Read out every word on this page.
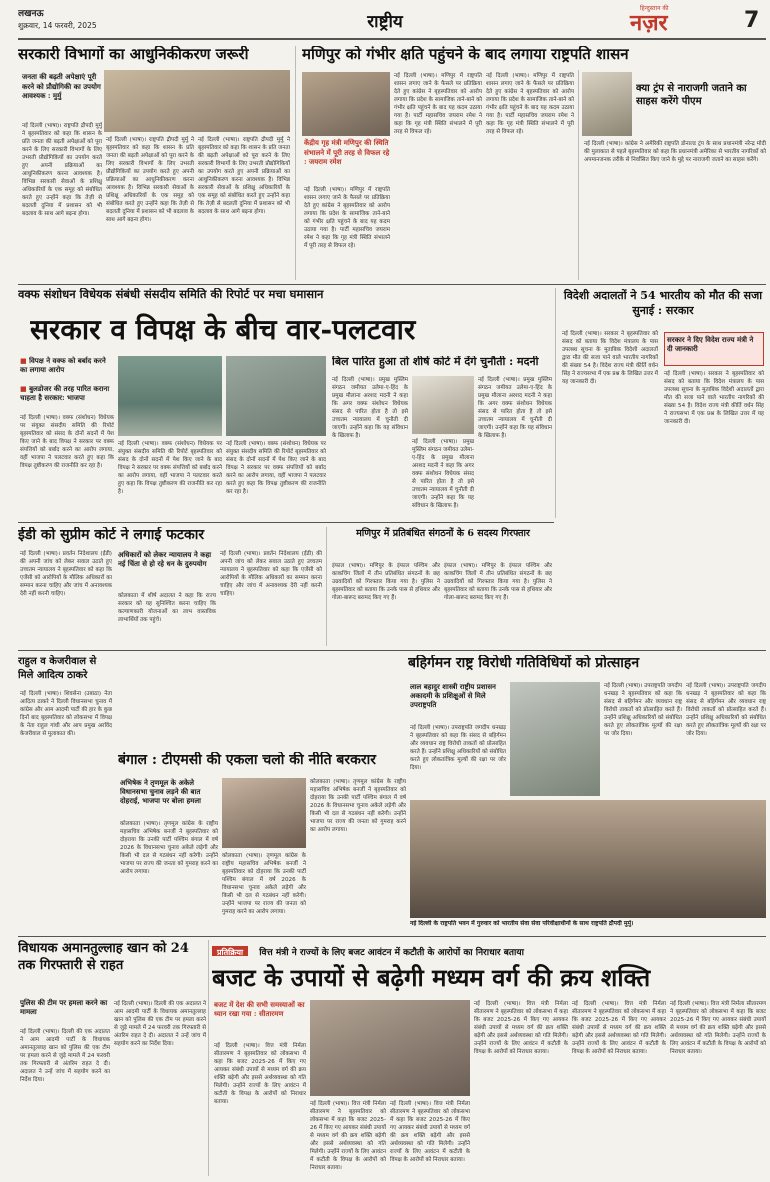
लखनऊ
शुक्रवार, 14 फरवरी, 2025	राष्ट्रीय
हिन्दुस्तान की
नज़र	7
सरकारी विभागों का आधुनिकीकरण जरूरी
जनता की बढ़ती अपेक्षाएं पूरी करने को प्रौद्योगिकी का उपयोग आवश्यक : मुर्मु
नई दिल्ली (भाषा)। राष्ट्रपति द्रौपदी मुर्मु ने बृहस्पतिवार को कहा कि शासन के प्रति जनता की बढ़ती अपेक्षाओं को पूरा करने के लिए सरकारी विभागों के लिए उभरती प्रौद्योगिकियों का उपयोग करते हुए अपनी प्रक्रियाओं का आधुनिकीकरण करना आवश्यक है। विभिन्न सरकारी सेवाओं के प्रशिक्षु अधिकारियों के एक समूह को संबोधित करते हुए उन्होंने कहा कि तेज़ी से बदलती दुनिया में प्रशासन को भी बदलाव के साथ आगे बढ़ना होगा।
नई दिल्ली (भाषा)। राष्ट्रपति द्रौपदी मुर्मु ने बृहस्पतिवार को कहा कि शासन के प्रति जनता की बढ़ती अपेक्षाओं को पूरा करने के लिए सरकारी विभागों के लिए उभरती प्रौद्योगिकियों का उपयोग करते हुए अपनी प्रक्रियाओं का आधुनिकीकरण करना आवश्यक है। विभिन्न सरकारी सेवाओं के प्रशिक्षु अधिकारियों के एक समूह को संबोधित करते हुए उन्होंने कहा कि तेज़ी से बदलती दुनिया में प्रशासन को भी बदलाव के साथ आगे बढ़ना होगा।
नई दिल्ली (भाषा)। राष्ट्रपति द्रौपदी मुर्मु ने बृहस्पतिवार को कहा कि शासन के प्रति जनता की बढ़ती अपेक्षाओं को पूरा करने के लिए सरकारी विभागों के लिए उभरती प्रौद्योगिकियों का उपयोग करते हुए अपनी प्रक्रियाओं का आधुनिकीकरण करना आवश्यक है। विभिन्न सरकारी सेवाओं के प्रशिक्षु अधिकारियों के एक समूह को संबोधित करते हुए उन्होंने कहा कि तेज़ी से बदलती दुनिया में प्रशासन को भी बदलाव के साथ आगे बढ़ना होगा।
मणिपुर को गंभीर क्षति पहुंचने के बाद लगाया राष्ट्रपति शासन
केंद्रीय गृह मंत्री मणिपुर की स्थिति संभालने में पूरी तरह से विफल रहे : जयराम रमेश
नई दिल्ली (भाषा)। मणिपुर में राष्ट्रपति शासन लगाए जाने के फैसले पर प्रतिक्रिया देते हुए कांग्रेस ने बृहस्पतिवार को आरोप लगाया कि प्रदेश के सामाजिक ताने-बाने को गंभीर क्षति पहुंचने के बाद यह कदम उठाया गया है। पार्टी महासचिव जयराम रमेश ने कहा कि गृह मंत्री स्थिति संभालने में पूरी तरह से विफल रहे।
नई दिल्ली (भाषा)। मणिपुर में राष्ट्रपति शासन लगाए जाने के फैसले पर प्रतिक्रिया देते हुए कांग्रेस ने बृहस्पतिवार को आरोप लगाया कि प्रदेश के सामाजिक ताने-बाने को गंभीर क्षति पहुंचने के बाद यह कदम उठाया गया है। पार्टी महासचिव जयराम रमेश ने कहा कि गृह मंत्री स्थिति संभालने में पूरी तरह से विफल रहे।
नई दिल्ली (भाषा)। मणिपुर में राष्ट्रपति शासन लगाए जाने के फैसले पर प्रतिक्रिया देते हुए कांग्रेस ने बृहस्पतिवार को आरोप लगाया कि प्रदेश के सामाजिक ताने-बाने को गंभीर क्षति पहुंचने के बाद यह कदम उठाया गया है। पार्टी महासचिव जयराम रमेश ने कहा कि गृह मंत्री स्थिति संभालने में पूरी तरह से विफल रहे।
क्या ट्रंप से नाराजगी जताने का साहस करेंगे पीएम
नई दिल्ली (भाषा)। कांग्रेस ने अमेरिकी राष्ट्रपति डोनाल्ड ट्रंप के साथ प्रधानमंत्री नरेन्द्र मोदी की मुलाकात से पहले बृहस्पतिवार को कहा कि प्रधानमंत्री अमेरिका से भारतीय नागरिकों को अपमानजनक तरीके से निर्वासित किए जाने के मुद्दे पर नाराजगी जताने का साहस करेंगे।
वक्फ संशोधन विधेयक संबंधी संसदीय समिति की रिपोर्ट पर मचा घमासान
सरकार व विपक्ष के बीच वार-पलटवार
■ विपक्ष ने वक्फ को बर्बाद करने का लगाया आरोप
■ बुलडोजर की तरह पारित कराना चाहता है सरकार: भाजपा
नई दिल्ली (भाषा)। वक्फ (संशोधन) विधेयक पर संयुक्त संसदीय समिति की रिपोर्ट बृहस्पतिवार को संसद के दोनों सदनों में पेश किए जाने के बाद विपक्ष ने सरकार पर वक्फ संपत्तियों को बर्बाद करने का आरोप लगाया, वहीं भाजपा ने पलटवार करते हुए कहा कि विपक्ष तुष्टीकरण की राजनीति कर रहा है।
नई दिल्ली (भाषा)। वक्फ (संशोधन) विधेयक पर संयुक्त संसदीय समिति की रिपोर्ट बृहस्पतिवार को संसद के दोनों सदनों में पेश किए जाने के बाद विपक्ष ने सरकार पर वक्फ संपत्तियों को बर्बाद करने का आरोप लगाया, वहीं भाजपा ने पलटवार करते हुए कहा कि विपक्ष तुष्टीकरण की राजनीति कर रहा है।
नई दिल्ली (भाषा)। वक्फ (संशोधन) विधेयक पर संयुक्त संसदीय समिति की रिपोर्ट बृहस्पतिवार को संसद के दोनों सदनों में पेश किए जाने के बाद विपक्ष ने सरकार पर वक्फ संपत्तियों को बर्बाद करने का आरोप लगाया, वहीं भाजपा ने पलटवार करते हुए कहा कि विपक्ष तुष्टीकरण की राजनीति कर रहा है।
बिल पारित हुआ तो शीर्ष कोर्ट में देंगे चुनौती : मदनी
नई दिल्ली (भाषा)। प्रमुख मुस्लिम संगठन जमीयत उलेमा-ए-हिंद के प्रमुख मौलाना अरशद मदनी ने कहा कि अगर वक्फ संशोधन विधेयक संसद से पारित होता है तो इसे उच्चतम न्यायालय में चुनौती दी जाएगी। उन्होंने कहा कि यह संविधान के खिलाफ है।
नई दिल्ली (भाषा)। प्रमुख मुस्लिम संगठन जमीयत उलेमा-ए-हिंद के प्रमुख मौलाना अरशद मदनी ने कहा कि अगर वक्फ संशोधन विधेयक संसद से पारित होता है तो इसे उच्चतम न्यायालय में चुनौती दी जाएगी। उन्होंने कहा कि यह संविधान के खिलाफ है।
नई दिल्ली (भाषा)। प्रमुख मुस्लिम संगठन जमीयत उलेमा-ए-हिंद के प्रमुख मौलाना अरशद मदनी ने कहा कि अगर वक्फ संशोधन विधेयक संसद से पारित होता है तो इसे उच्चतम न्यायालय में चुनौती दी जाएगी। उन्होंने कहा कि यह संविधान के खिलाफ है।
विदेशी अदालतों ने 54 भारतीय को मौत की सजा सुनाई : सरकार
नई दिल्ली (भाषा)। सरकार ने बृहस्पतिवार को संसद को बताया कि विदेश मंत्रालय के पास उपलब्ध सूचना के मुताबिक विदेशी अदालतों द्वारा मौत की सजा पाने वाले भारतीय नागरिकों की संख्या 54 है। विदेश राज्य मंत्री कीर्ति वर्धन सिंह ने राज्यसभा में एक प्रश्न के लिखित उत्तर में यह जानकारी दी।
सरकार ने दिए विदेश राज्य मंत्री ने दी जानकारी
नई दिल्ली (भाषा)। सरकार ने बृहस्पतिवार को संसद को बताया कि विदेश मंत्रालय के पास उपलब्ध सूचना के मुताबिक विदेशी अदालतों द्वारा मौत की सजा पाने वाले भारतीय नागरिकों की संख्या 54 है। विदेश राज्य मंत्री कीर्ति वर्धन सिंह ने राज्यसभा में एक प्रश्न के लिखित उत्तर में यह जानकारी दी।
ईडी को सुप्रीम कोर्ट ने लगाई फटकार
नई दिल्ली (भाषा)। प्रवर्तन निदेशालय (ईडी) की अपनी जांच को लेकर सवाल उठाते हुए उच्चतम न्यायालय ने बृहस्पतिवार को कहा कि एजेंसी को आरोपियों के मौलिक अधिकारों का सम्मान करना चाहिए और जांच में अनावश्यक देरी नहीं करनी चाहिए।
अधिकारों को लेकर न्यायालय ने कहा नई चिंता से हो रहे धन के दुरुपयोग
कोलकाता में शीर्ष अदालत ने कहा कि राज्य सरकार को यह सुनिश्चित करना चाहिए कि कल्याणकारी योजनाओं का लाभ वास्तविक लाभार्थियों तक पहुंचे।
नई दिल्ली (भाषा)। प्रवर्तन निदेशालय (ईडी) की अपनी जांच को लेकर सवाल उठाते हुए उच्चतम न्यायालय ने बृहस्पतिवार को कहा कि एजेंसी को आरोपियों के मौलिक अधिकारों का सम्मान करना चाहिए और जांच में अनावश्यक देरी नहीं करनी चाहिए।
मणिपुर में प्रतिबंधित संगठनों के 6 सदस्य गिरफ्तार
इंफाल (भाषा)। मणिपुर के इंफाल पश्चिम और काकचिंग जिलों में तीन प्रतिबंधित संगठनों के छह उग्रवादियों को गिरफ्तार किया गया है। पुलिस ने बृहस्पतिवार को बताया कि उनके पास से हथियार और गोला-बारूद बरामद किए गए हैं।
इंफाल (भाषा)। मणिपुर के इंफाल पश्चिम और काकचिंग जिलों में तीन प्रतिबंधित संगठनों के छह उग्रवादियों को गिरफ्तार किया गया है। पुलिस ने बृहस्पतिवार को बताया कि उनके पास से हथियार और गोला-बारूद बरामद किए गए हैं।
राहुल व केजरीवाल से मिले आदित्य ठाकरे
नई दिल्ली (भाषा)। शिवसेना (उबाठा) नेता आदित्य ठाकरे ने दिल्ली विधानसभा चुनाव में कांग्रेस और आम आदमी पार्टी की हार के कुछ दिनों बाद बृहस्पतिवार को लोकसभा में विपक्ष के नेता राहुल गांधी और आप प्रमुख अरविंद केजरीवाल से मुलाकात की।
बहिर्गमन राष्ट्र विरोधी गतिविधियों को प्रोत्साहन
लाल बहादुर शास्त्री राष्ट्रीय प्रशासन अकादमी के प्रशिक्षुओं से मिले उपराष्ट्रपति
नई दिल्ली (भाषा)। उपराष्ट्रपति जगदीप धनखड़ ने बृहस्पतिवार को कहा कि संसद से बहिर्गमन और व्यवधान राष्ट्र विरोधी ताकतों को प्रोत्साहित करते हैं। उन्होंने प्रशिक्षु अधिकारियों को संबोधित करते हुए लोकतांत्रिक मूल्यों की रक्षा पर जोर दिया।
नई दिल्ली (भाषा)। उपराष्ट्रपति जगदीप धनखड़ ने बृहस्पतिवार को कहा कि संसद से बहिर्गमन और व्यवधान राष्ट्र विरोधी ताकतों को प्रोत्साहित करते हैं। उन्होंने प्रशिक्षु अधिकारियों को संबोधित करते हुए लोकतांत्रिक मूल्यों की रक्षा पर जोर दिया।
नई दिल्ली (भाषा)। उपराष्ट्रपति जगदीप धनखड़ ने बृहस्पतिवार को कहा कि संसद से बहिर्गमन और व्यवधान राष्ट्र विरोधी ताकतों को प्रोत्साहित करते हैं। उन्होंने प्रशिक्षु अधिकारियों को संबोधित करते हुए लोकतांत्रिक मूल्यों की रक्षा पर जोर दिया।
बंगाल : टीएमसी की एकला चलो की नीति बरकरार
अभिषेक ने तृणमूल के अकेले विधानसभा चुनाव लड़ने की बात दोहराई, भाजपा पर बोला हमला
कोलकाता (भाषा)। तृणमूल कांग्रेस के राष्ट्रीय महासचिव अभिषेक बनर्जी ने बृहस्पतिवार को दोहराया कि उनकी पार्टी पश्चिम बंगाल में वर्ष 2026 के विधानसभा चुनाव अकेले लड़ेगी और किसी भी दल से गठबंधन नहीं करेगी। उन्होंने भाजपा पर राज्य की जनता को गुमराह करने का आरोप लगाया।
कोलकाता (भाषा)। तृणमूल कांग्रेस के राष्ट्रीय महासचिव अभिषेक बनर्जी ने बृहस्पतिवार को दोहराया कि उनकी पार्टी पश्चिम बंगाल में वर्ष 2026 के विधानसभा चुनाव अकेले लड़ेगी और किसी भी दल से गठबंधन नहीं करेगी। उन्होंने भाजपा पर राज्य की जनता को गुमराह करने का आरोप लगाया।
कोलकाता (भाषा)। तृणमूल कांग्रेस के राष्ट्रीय महासचिव अभिषेक बनर्जी ने बृहस्पतिवार को दोहराया कि उनकी पार्टी पश्चिम बंगाल में वर्ष 2026 के विधानसभा चुनाव अकेले लड़ेगी और किसी भी दल से गठबंधन नहीं करेगी। उन्होंने भाजपा पर राज्य की जनता को गुमराह करने का आरोप लगाया।
नई दिल्ली के राष्ट्रपति भवन में गुरुवार को भारतीय सेवा सेवा परिवीक्षाधीनों के साथ राष्ट्रपति द्रौपदी मुर्मु।
विधायक अमानतुल्लाह खान को 24 तक गिरफ्तारी से राहत
पुलिस की टीम पर हमला करने का मामला
नई दिल्ली (भाषा)। दिल्ली की एक अदालत ने आम आदमी पार्टी के विधायक अमानतुल्लाह खान को पुलिस की एक टीम पर हमला करने से जुड़े मामले में 24 फरवरी तक गिरफ्तारी से अंतरिम राहत दे दी। अदालत ने उन्हें जांच में सहयोग करने का निर्देश दिया।
नई दिल्ली (भाषा)। दिल्ली की एक अदालत ने आम आदमी पार्टी के विधायक अमानतुल्लाह खान को पुलिस की एक टीम पर हमला करने से जुड़े मामले में 24 फरवरी तक गिरफ्तारी से अंतरिम राहत दे दी। अदालत ने उन्हें जांच में सहयोग करने का निर्देश दिया।
प्रतिक्रिया वित्त मंत्री ने राज्यों के लिए बजट आवंटन में कटौती के आरोपों का निराधार बताया
बजट के उपायों से बढ़ेगी मध्यम वर्ग की क्रय शक्ति
बजट में देश की सभी समस्याओं का ध्यान रखा गया : सीतारमण
नई दिल्ली (भाषा)। वित्त मंत्री निर्मला सीतारमण ने बृहस्पतिवार को लोकसभा में कहा कि बजट 2025-26 में किए गए आयकर संबंधी उपायों से मध्यम वर्ग की क्रय शक्ति बढ़ेगी और इससे अर्थव्यवस्था को गति मिलेगी। उन्होंने राज्यों के लिए आवंटन में कटौती के विपक्ष के आरोपों को निराधार बताया।	नई दिल्ली (भाषा)। वित्त मंत्री निर्मला सीतारमण ने बृहस्पतिवार को लोकसभा में कहा कि बजट 2025-26 में किए गए आयकर संबंधी उपायों से मध्यम वर्ग की क्रय शक्ति बढ़ेगी और इससे अर्थव्यवस्था को गति मिलेगी। उन्होंने राज्यों के लिए आवंटन में कटौती के विपक्ष के आरोपों को निराधार बताया।
नई दिल्ली (भाषा)। वित्त मंत्री निर्मला सीतारमण ने बृहस्पतिवार को लोकसभा में कहा कि बजट 2025-26 में किए गए आयकर संबंधी उपायों से मध्यम वर्ग की क्रय शक्ति बढ़ेगी और इससे अर्थव्यवस्था को गति मिलेगी। उन्होंने राज्यों के लिए आवंटन में कटौती के विपक्ष के आरोपों को निराधार बताया।
नई दिल्ली (भाषा)। वित्त मंत्री निर्मला सीतारमण ने बृहस्पतिवार को लोकसभा में कहा कि बजट 2025-26 में किए गए आयकर संबंधी उपायों से मध्यम वर्ग की क्रय शक्ति बढ़ेगी और इससे अर्थव्यवस्था को गति मिलेगी। उन्होंने राज्यों के लिए आवंटन में कटौती के विपक्ष के आरोपों को निराधार बताया।
नई दिल्ली (भाषा)। वित्त मंत्री निर्मला सीतारमण ने बृहस्पतिवार को लोकसभा में कहा कि बजट 2025-26 में किए गए आयकर संबंधी उपायों से मध्यम वर्ग की क्रय शक्ति बढ़ेगी और इससे अर्थव्यवस्था को गति मिलेगी। उन्होंने राज्यों के लिए आवंटन में कटौती के विपक्ष के आरोपों को निराधार बताया।
नई दिल्ली (भाषा)। वित्त मंत्री निर्मला सीतारमण ने बृहस्पतिवार को लोकसभा में कहा कि बजट 2025-26 में किए गए आयकर संबंधी उपायों से मध्यम वर्ग की क्रय शक्ति बढ़ेगी और इससे अर्थव्यवस्था को गति मिलेगी। उन्होंने राज्यों के लिए आवंटन में कटौती के विपक्ष के आरोपों को निराधार बताया।
